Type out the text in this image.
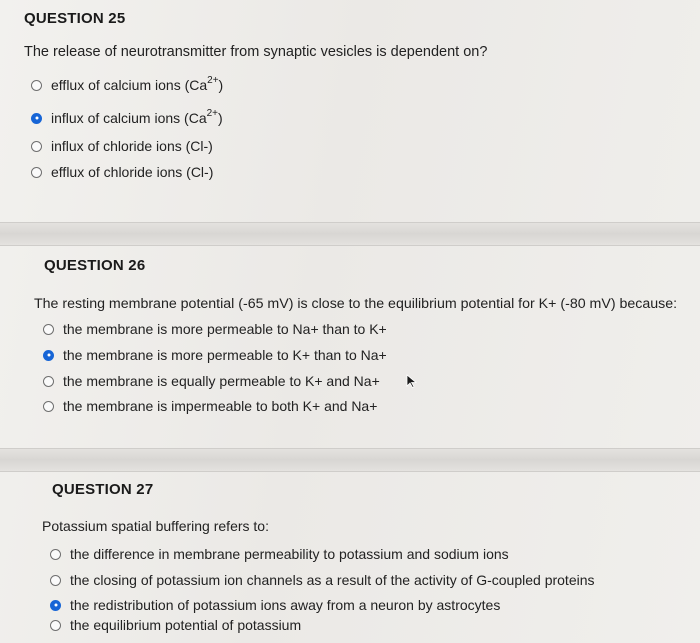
QUESTION 25
The release of neurotransmitter from synaptic vesicles is dependent on?
efflux of calcium ions $(Ca^{2+})$
influx of calcium ions $(Ca^{2+})$
influx of chloride ions (Cl-)
efflux of chloride ions (Cl-)
QUESTION 26
The resting membrane potential (-65 mV) is close to the equilibrium potential for K+ (-80 mV) because:
the membrane is more permeable to Na+ than to K+
the membrane is more permeable to K+ than to Na+
the membrane is equally permeable to K+ and Na+
the membrane is impermeable to both K+ and Na+
QUESTION 27
Potassium spatial buffering refers to:
the difference in membrane permeability to potassium and sodium ions
the closing of potassium ion channels as a result of the activity of G-coupled proteins
the redistribution of potassium ions away from a neuron by astrocytes
the equilibrium potential of potassium
